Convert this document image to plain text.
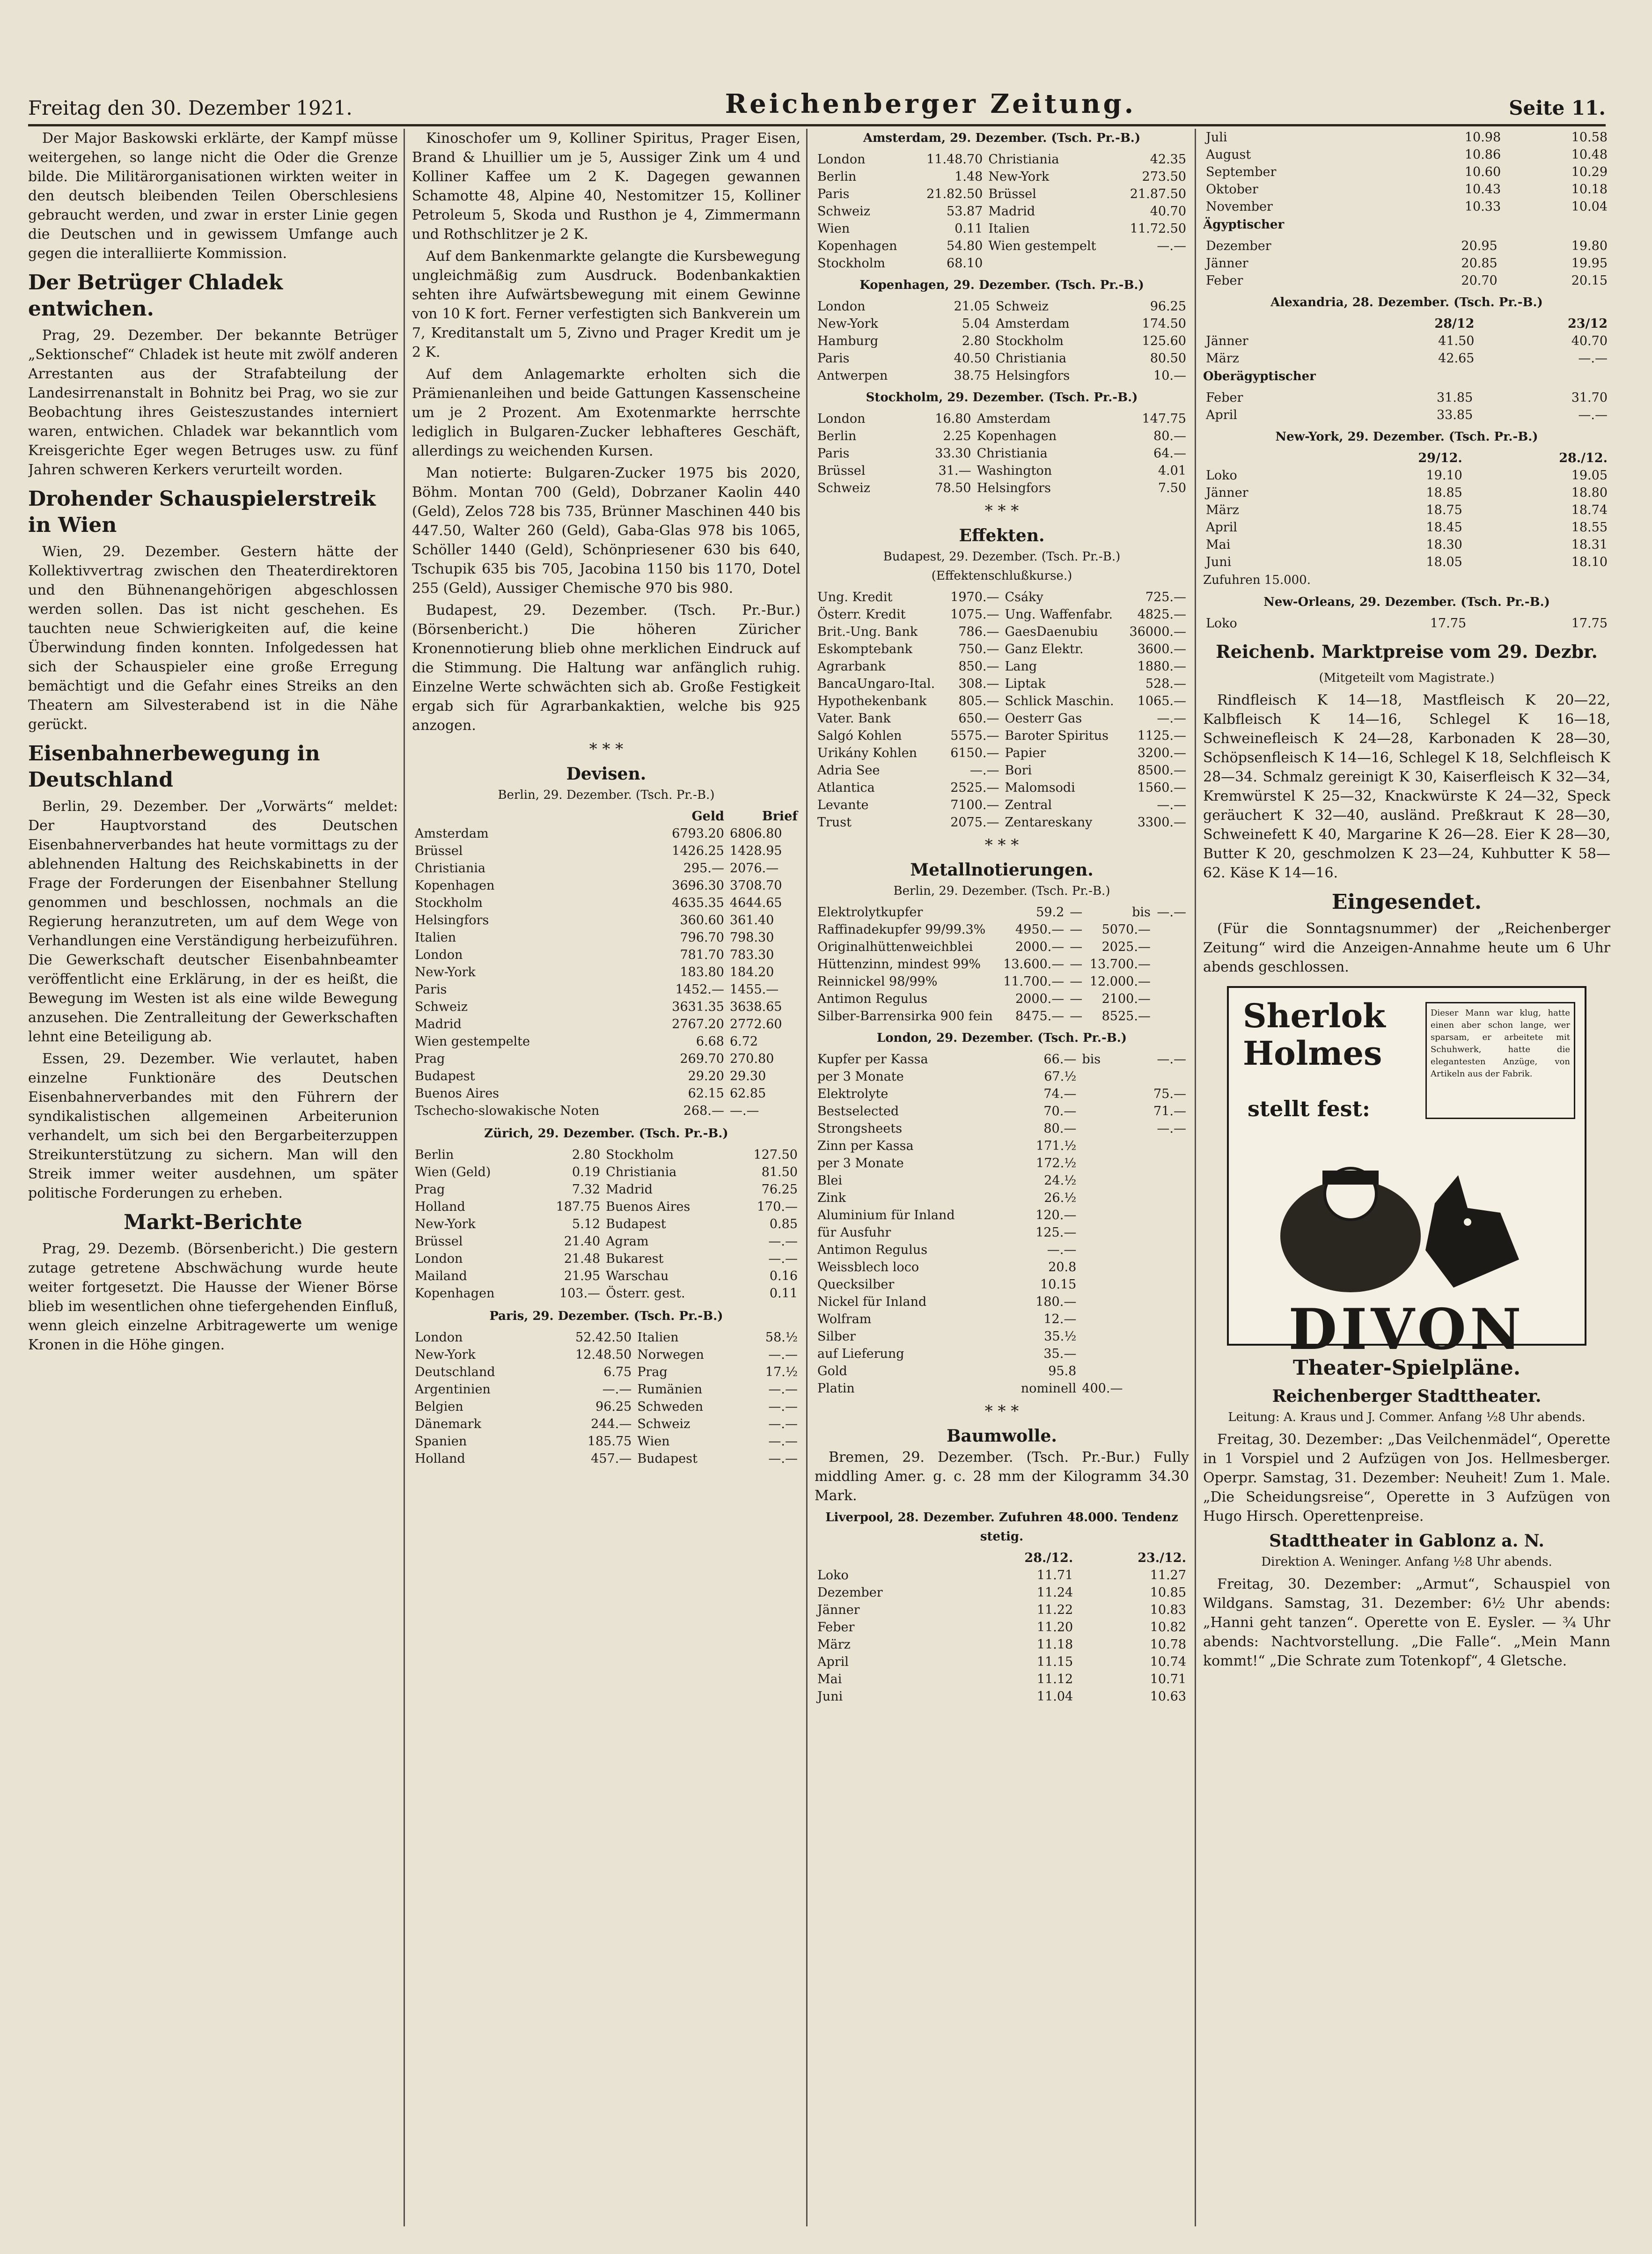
Freitag den 30. Dezember 1921.	Reichenberger Zeitung.	Seite 11.
Der Major Baskowski erklärte, der Kampf müsse weitergehen, so lange nicht die Oder die Grenze bilde. Die Militärorganisationen wirkten weiter in den deutsch bleibenden Teilen Oberschlesiens gebraucht werden, und zwar in erster Linie gegen die Deutschen und in gewissem Umfange auch gegen die interalliierte Kommission.
Der Betrüger Chladek entwichen.
Prag, 29. Dezember. Der bekannte Betrüger „Sektionschef“ Chladek ist heute mit zwölf anderen Arrestanten aus der Strafabteilung der Landesirrenanstalt in Bohnitz bei Prag, wo sie zur Beobachtung ihres Geisteszustandes interniert waren, entwichen. Chladek war bekanntlich vom Kreisgerichte Eger wegen Betruges usw. zu fünf Jahren schweren Kerkers verurteilt worden.
Drohender Schauspielerstreik in Wien
Wien, 29. Dezember. Gestern hätte der Kollektivvertrag zwischen den Theaterdirektoren und den Bühnenangehörigen abgeschlossen werden sollen. Das ist nicht geschehen. Es tauchten neue Schwierigkeiten auf, die keine Überwindung finden konnten. Infolgedessen hat sich der Schauspieler eine große Erregung bemächtigt und die Gefahr eines Streiks an den Theatern am Silvesterabend ist in die Nähe gerückt.
Eisenbahnerbewegung in Deutschland
Berlin, 29. Dezember. Der „Vorwärts“ meldet: Der Hauptvorstand des Deutschen Eisenbahnerverbandes hat heute vormittags zu der ablehnenden Haltung des Reichskabinetts in der Frage der Forderungen der Eisenbahner Stellung genommen und beschlossen, nochmals an die Regierung heranzutreten, um auf dem Wege von Verhandlungen eine Verständigung herbeizuführen. Die Gewerkschaft deutscher Eisenbahnbeamter veröffentlicht eine Erklärung, in der es heißt, die Bewegung im Westen ist als eine wilde Bewegung anzusehen. Die Zentralleitung der Gewerkschaften lehnt eine Beteiligung ab.
Essen, 29. Dezember. Wie verlautet, haben einzelne Funktionäre des Deutschen Eisenbahnerverbandes mit den Führern der syndikalistischen allgemeinen Arbeiterunion verhandelt, um sich bei den Bergarbeiterzuppen Streikunterstützung zu sichern. Man will den Streik immer weiter ausdehnen, um später politische Forderungen zu erheben.
Markt-Berichte
Prag, 29. Dezemb. (Börsenbericht.) Die gestern zutage getretene Abschwächung wurde heute weiter fortgesetzt. Die Hausse der Wiener Börse blieb im wesentlichen ohne tiefergehenden Einfluß, wenn gleich einzelne Arbitragewerte um wenige Kronen in die Höhe gingen.
Kinoschofer um 9, Kolliner Spiritus, Prager Eisen, Brand & Lhuillier um je 5, Aussiger Zink um 4 und Kolliner Kaffee um 2 K. Dagegen gewannen Schamotte 48, Alpine 40, Nestomitzer 15, Kolliner Petroleum 5, Skoda und Rusthon je 4, Zimmermann und Rothschlitzer je 2 K.
Auf dem Bankenmarkte gelangte die Kursbewegung ungleichmäßig zum Ausdruck. Bodenbankaktien sehten ihre Aufwärtsbewegung mit einem Gewinne von 10 K fort. Ferner verfestigten sich Bankverein um 7, Kreditanstalt um 5, Zivno und Prager Kredit um je 2 K.
Auf dem Anlagemarkte erholten sich die Prämienanleihen und beide Gattungen Kassenscheine um je 2 Prozent. Am Exotenmarkte herrschte lediglich in Bulgaren-Zucker lebhafteres Geschäft, allerdings zu weichenden Kursen.
Man notierte: Bulgaren-Zucker 1975 bis 2020, Böhm. Montan 700 (Geld), Dobrzaner Kaolin 440 (Geld), Zelos 728 bis 735, Brünner Maschinen 440 bis 447.50, Walter 260 (Geld), Gaba-Glas 978 bis 1065, Schöller 1440 (Geld), Schönpriesener 630 bis 640, Tschupik 635 bis 705, Jacobina 1150 bis 1170, Dotel 255 (Geld), Aussiger Chemische 970 bis 980.
Budapest, 29. Dezember. (Tsch. Pr.-Bur.) (Börsenbericht.) Die höheren Züricher Kronennotierung blieb ohne merklichen Eindruck auf die Stimmung. Die Haltung war anfänglich ruhig. Einzelne Werte schwächten sich ab. Große Festigkeit ergab sich für Agrarbankaktien, welche bis 925 anzogen.
* * *
Devisen.
Berlin, 29. Dezember. (Tsch. Pr.-B.)
	Geld	Brief
Amsterdam	6793.20	6806.80
Brüssel	1426.25	1428.95
Christiania	295.—	2076.—
Kopenhagen	3696.30	3708.70
Stockholm	4635.35	4644.65
Helsingfors	360.60	361.40
Italien	796.70	798.30
London	781.70	783.30
New-York	183.80	184.20
Paris	1452.—	1455.—
Schweiz	3631.35	3638.65
Madrid	2767.20	2772.60
Wien gestempelte	6.68	6.72
Prag	269.70	270.80
Budapest	29.20	29.30
Buenos Aires	62.15	62.85
Tschecho-slowakische Noten	268.—	—.—
Zürich, 29. Dezember. (Tsch. Pr.-B.)
Berlin	2.80	Stockholm	127.50
Wien (Geld)	0.19	Christiania	81.50
Prag	7.32	Madrid	76.25
Holland	187.75	Buenos Aires	170.—
New-York	5.12	Budapest	0.85
Brüssel	21.40	Agram	—.—
London	21.48	Bukarest	—.—
Mailand	21.95	Warschau	0.16
Kopenhagen	103.—	Österr. gest.	0.11
Paris, 29. Dezember. (Tsch. Pr.-B.)
London	52.42.50	Italien	58.½
New-York	12.48.50	Norwegen	—.—
Deutschland	6.75	Prag	17.½
Argentinien	—.—	Rumänien	—.—
Belgien	96.25	Schweden	—.—
Dänemark	244.—	Schweiz	—.—
Spanien	185.75	Wien	—.—
Holland	457.—	Budapest	—.—
Amsterdam, 29. Dezember. (Tsch. Pr.-B.)
London	11.48.70	Christiania	42.35
Berlin	1.48	New-York	273.50
Paris	21.82.50	Brüssel	21.87.50
Schweiz	53.87	Madrid	40.70
Wien	0.11	Italien	11.72.50
Kopenhagen	54.80	Wien gestempelt	—.—
Stockholm	68.10		
Kopenhagen, 29. Dezember. (Tsch. Pr.-B.)
London	21.05	Schweiz	96.25
New-York	5.04	Amsterdam	174.50
Hamburg	2.80	Stockholm	125.60
Paris	40.50	Christiania	80.50
Antwerpen	38.75	Helsingfors	10.—
Stockholm, 29. Dezember. (Tsch. Pr.-B.)
London	16.80	Amsterdam	147.75
Berlin	2.25	Kopenhagen	80.—
Paris	33.30	Christiania	64.—
Brüssel	31.—	Washington	4.01
Schweiz	78.50	Helsingfors	7.50
* * *
Effekten.
Budapest, 29. Dezember. (Tsch. Pr.-B.) (Effektenschlußkurse.)
Ung. Kredit	1970.—	Csáky	725.—
Österr. Kredit	1075.—	Ung. Waffenfabr.	4825.—
Brit.-Ung. Bank	786.—	GaesDaenubiu	36000.—
Eskomptebank	750.—	Ganz Elektr.	3600.—
Agrarbank	850.—	Lang	1880.—
BancaUngaro-Ital.	308.—	Liptak	528.—
Hypothekenbank	805.—	Schlick Maschin.	1065.—
Vater. Bank	650.—	Oesterr Gas	—.—
Salgó Kohlen	5575.—	Baroter Spiritus	1125.—
Urikány Kohlen	6150.—	Papier	3200.—
Adria See	—.—	Bori	8500.—
Atlantica	2525.—	Malomsodi	1560.—
Levante	7100.—	Zentral	—.—
Trust	2075.—	Zentareskany	3300.—
* * *
Metallnotierungen.
Berlin, 29. Dezember. (Tsch. Pr.-B.)
Elektrolytkupfer	59.2	—	bis	—.—
Raffinadekupfer 99/99.3%	4950.—	—	5070.—	
Originalhüttenweichblei	2000.—	—	2025.—	
Hüttenzinn, mindest 99%	13.600.—	—	13.700.—	
Reinnickel 98/99%	11.700.—	—	12.000.—	
Antimon Regulus	2000.—	—	2100.—	
Silber-Barrensirka 900 fein	8475.—	—	8525.—	
London, 29. Dezember. (Tsch. Pr.-B.)
Kupfer per Kassa	66.—	bis	—.—
per 3 Monate	67.½		
Elektrolyte	74.—		75.—
Bestselected	70.—		71.—
Strongsheets	80.—		—.—
Zinn per Kassa	171.½		
per 3 Monate	172.½		
Blei	24.½		
Zink	26.½		
Aluminium für Inland	120.—		
für Ausfuhr	125.—		
Antimon Regulus	—.—		
Weissblech loco	20.8		
Quecksilber	10.15		
Nickel für Inland	180.—		
Wolfram	12.—		
Silber	35.½		
auf Lieferung	35.—		
Gold	95.8		
Platin	nominell	400.—	
* * *
Baumwolle.
Bremen, 29. Dezember. (Tsch. Pr.-Bur.) Fully middling Amer. g. c. 28 mm der Kilogramm 34.30 Mark.
Liverpool, 28. Dezember. Zufuhren 48.000. Tendenz stetig.
	28./12.	23./12.
Loko	11.71	11.27
Dezember	11.24	10.85
Jänner	11.22	10.83
Feber	11.20	10.82
März	11.18	10.78
April	11.15	10.74
Mai	11.12	10.71
Juni	11.04	10.63
Juli	10.98	10.58
August	10.86	10.48
September	10.60	10.29
Oktober	10.43	10.18
November	10.33	10.04
Ägyptischer
Dezember	20.95	19.80
Jänner	20.85	19.95
Feber	20.70	20.15
Alexandria, 28. Dezember. (Tsch. Pr.-B.)
	28/12	23/12
Jänner	41.50	40.70
März	42.65	—.—
Oberägyptischer
Feber	31.85	31.70
April	33.85	—.—
New-York, 29. Dezember. (Tsch. Pr.-B.)
	29/12.	28./12.
Loko	19.10	19.05
Jänner	18.85	18.80
März	18.75	18.74
April	18.45	18.55
Mai	18.30	18.31
Juni	18.05	18.10
Zufuhren 15.000.
New-Orleans, 29. Dezember. (Tsch. Pr.-B.)
Loko	17.75	17.75
Reichenb. Marktpreise vom 29. Dezbr.
(Mitgeteilt vom Magistrate.)
Rindfleisch K 14—18, Mastfleisch K 20—22, Kalbfleisch K 14—16, Schlegel K 16—18, Schweinefleisch K 24—28, Karbonaden K 28—30, Schöpsenfleisch K 14—16, Schlegel K 18, Selchfleisch K 28—34. Schmalz gereinigt K 30, Kaiserfleisch K 32—34, Kremwürstel K 25—32, Knackwürste K 24—32, Speck geräuchert K 32—40, ausländ. Preßkraut K 28—30, Schweinefett K 40, Margarine K 26—28. Eier K 28—30, Butter K 20, geschmolzen K 23—24, Kuhbutter K 58—62. Käse K 14—16.
Eingesendet.
(Für die Sonntagsnummer) der „Reichenberger Zeitung“ wird die Anzeigen-Annahme heute um 6 Uhr abends geschlossen.
Sherlok Holmes
stellt fest:
Dieser Mann war klug, hatte einen aber schon lange, wer sparsam, er arbeitete mit Schuhwerk, hatte die elegantesten Anzüge, von Artikeln aus der Fabrik.
DIVON
Theater-Spielpläne.
Reichenberger Stadttheater.
Leitung: A. Kraus und J. Commer. Anfang ½8 Uhr abends.
Freitag, 30. Dezember: „Das Veilchenmädel“, Operette in 1 Vorspiel und 2 Aufzügen von Jos. Hellmesberger. Operpr. Samstag, 31. Dezember: Neuheit! Zum 1. Male. „Die Scheidungsreise“, Operette in 3 Aufzügen von Hugo Hirsch. Operettenpreise.
Stadttheater in Gablonz a. N.
Direktion A. Weninger. Anfang ½8 Uhr abends.
Freitag, 30. Dezember: „Armut“, Schauspiel von Wildgans. Samstag, 31. Dezember: 6½ Uhr abends: „Hanni geht tanzen“. Operette von E. Eysler. — ¾ Uhr abends: Nachtvorstellung. „Die Falle“. „Mein Mann kommt!“ „Die Schrate zum Totenkopf“, 4 Gletsche.
